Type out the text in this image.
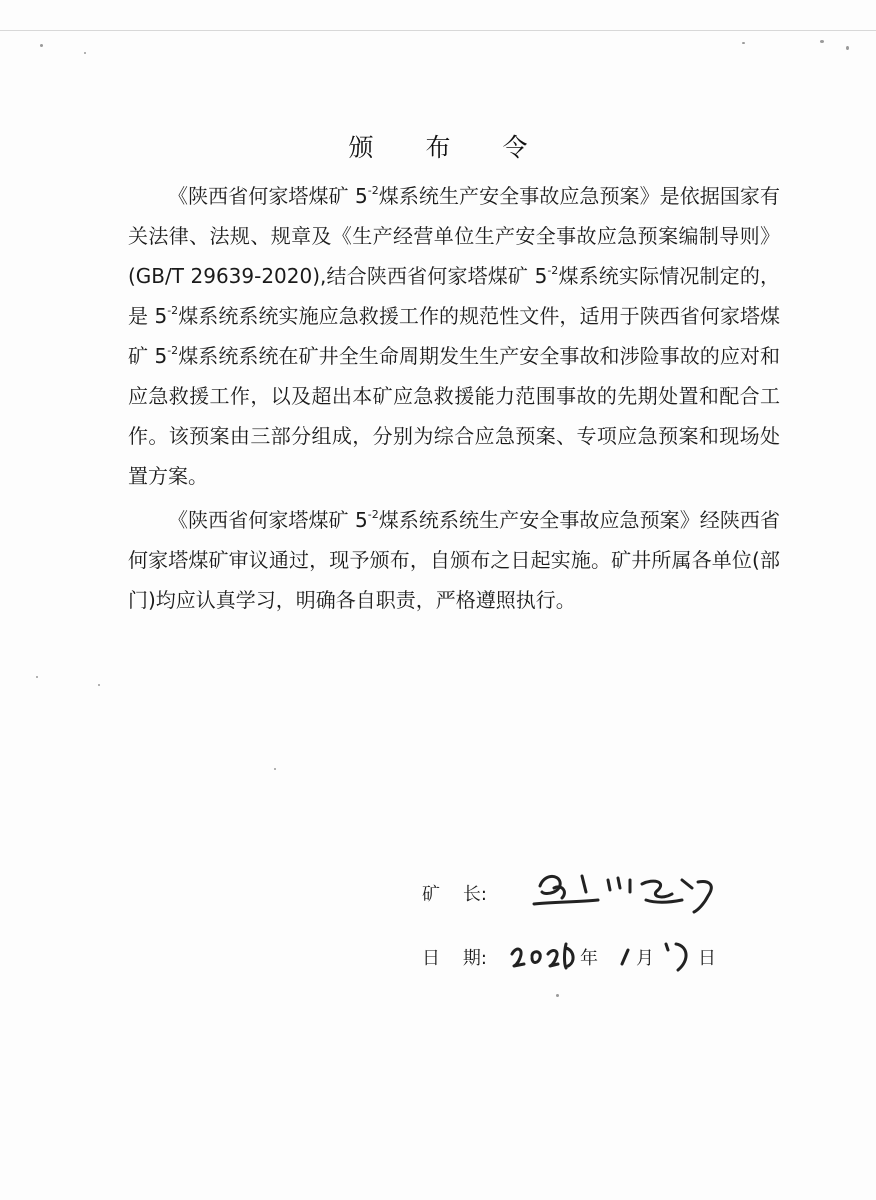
颁 布 令

《陕西省何家塔煤矿 $5^{-2}$煤系统生产安全事故应急预案》是依据国家有关法律、法规、规章及《生产经营单位生产安全事故应急预案编制导则》(GB/T 29639-2020),结合陕西省何家塔煤矿 $5^{-2}$煤系统实际情况制定的，是 $5^{-2}$煤系统系统实施应急救援工作的规范性文件，适用于陕西省何家塔煤矿 $5^{-2}$煤系统系统在矿井全生命周期发生生产安全事故和涉险事故的应对和应急救援工作，以及超出本矿应急救援能力范围事故的先期处置和配合工作。该预案由三部分组成，分别为综合应急预案、专项应急预案和现场处置方案。

《陕西省何家塔煤矿 $5^{-2}$煤系统系统生产安全事故应急预案》经陕西省何家塔煤矿审议通过，现予颁布，自颁布之日起实施。矿井所属各单位(部门)均应认真学习，明确各自职责，严格遵照执行。

矿    长:
日    期:	年 月 日
